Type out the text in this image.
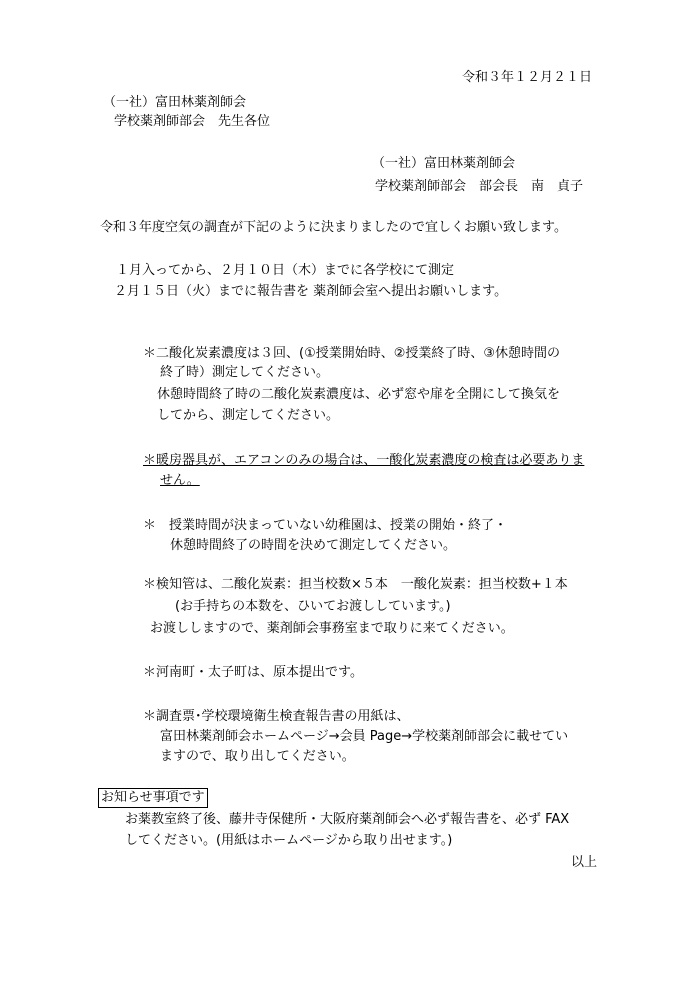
令和３年１２月２１日
（一社）富田林薬剤師会
学校薬剤師部会　先生各位
（一社）富田林薬剤師会
学校薬剤師部会　部会長　南　貞子
令和３年度空気の調査が下記のように決まりましたので宜しくお願い致します。
１月入ってから、２月１０日（木）までに各学校にて測定
２月１５日（火）までに報告書を 薬剤師会室へ提出お願いします。
＊二酸化炭素濃度は３回、(①授業開始時、②授業終了時、③休憩時間の
終了時）測定してください。
休憩時間終了時の二酸化炭素濃度は、必ず窓や扉を全開にして換気を
してから、測定してください。
＊暖房器具が、エアコンのみの場合は、一酸化炭素濃度の検査は必要ありま
せん。
＊　授業時間が決まっていない幼稚園は、授業の開始・終了・
休憩時間終了の時間を決めて測定してください。
＊検知管は、二酸化炭素：担当校数×５本　一酸化炭素：担当校数+１本
(お手持ちの本数を、ひいてお渡ししています。)
お渡ししますので、薬剤師会事務室まで取りに来てください。
＊河南町・太子町は、原本提出です。
＊調査票･学校環境衛生検査報告書の用紙は、
富田林薬剤師会ホームページ→会員 Page→学校薬剤師部会に載せてい
ますので、取り出してください。
お知らせ事項です
お薬教室終了後、藤井寺保健所・大阪府薬剤師会へ必ず報告書を、必ず FAX
してください。(用紙はホームページから取り出せます。)
以上
